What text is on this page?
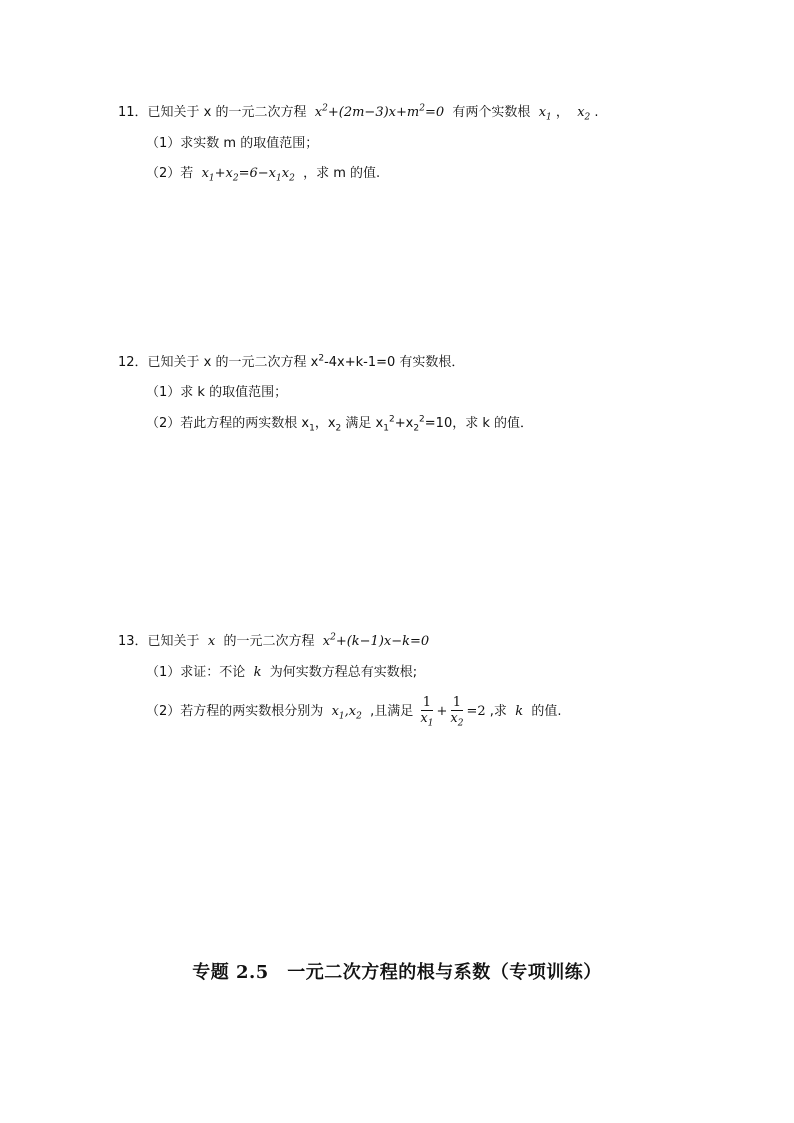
11．已知关于 x 的一元二次方程  $x^2+(2m-3)x+m^2=0$ 有两个实数根  $x_1$ ，  $x_2$ .
（1）求实数 m 的取值范围；
（2）若  $x_1+x_2=6-x_1x_2$ ，求 m 的值.
12．已知关于 x 的一元二次方程 $x^2-4x+k-1=0$ 有实数根．
（1）求 k 的取值范围；
（2）若此方程的两实数根 $x_1$，$x_2$ 满足 $x_1^2+x_2^2=10$，求 k 的值．
13．已知关于  x  的一元二次方程  $x^2+(k-1)x-k=0$
（1）求证：不论  k  为何实数方程总有实数根;
（2）若方程的两实数根分别为  $x_1,x_2$ ,且满足 $\frac{1}{x_1} + \frac{1}{x_2} =2$ ,求  k  的值.
专题 2.5　一元二次方程的根与系数（专项训练）
